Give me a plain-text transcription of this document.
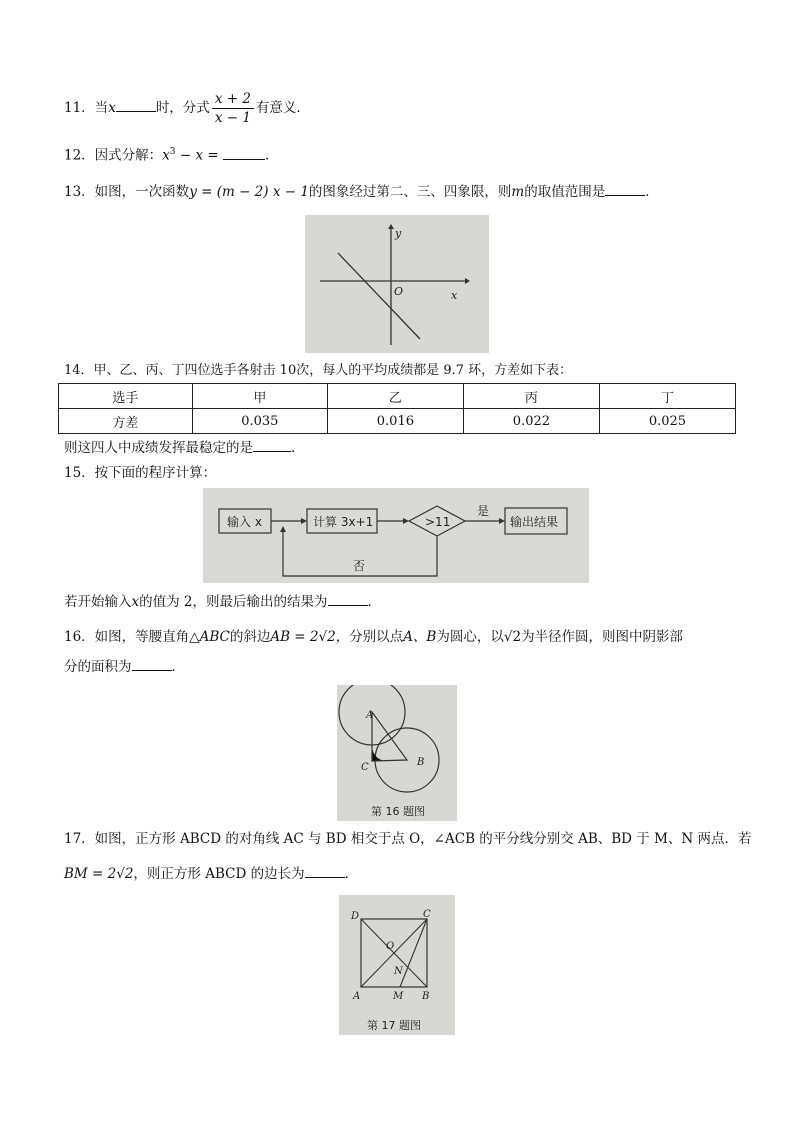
11．当x	时，分式 $\frac{x + 2}{x - 1}$ 有意义．
12．因式分解：$x^3 - x$ =	．
13．如图，一次函数y = (m − 2) x − 1的图象经过第二、三、四象限，则m的取值范围是	．
y
x
O
14．甲、乙、丙、丁四位选手各射击 10次，每人的平均成绩都是 9.7 环，方差如下表：
选手	甲	乙	丙	丁
方差	0.035	0.016	0.022	0.025
则这四人中成绩发挥最稳定的是	．
15．按下面的程序计算：
输入 x	计算 3x+1	>11
是
输出结果
否
若开始输入x的值为 2，则最后输出的结果为	．
16．如图，等腰直角△ABC的斜边AB = 2√2，分别以点A、B为圆心，以√2为半径作圆，则图中阴影部
分的面积为	．
A
C	B
第 16 题图
17．如图，正方形 ABCD 的对角线 AC 与 BD 相交于点 O，∠ACB 的平分线分别交 AB、BD 于 M、N 两点．若
BM = 2√2，则正方形 ABCD 的边长为	．
D	C
A	B
O
N
M
第 17 题图
